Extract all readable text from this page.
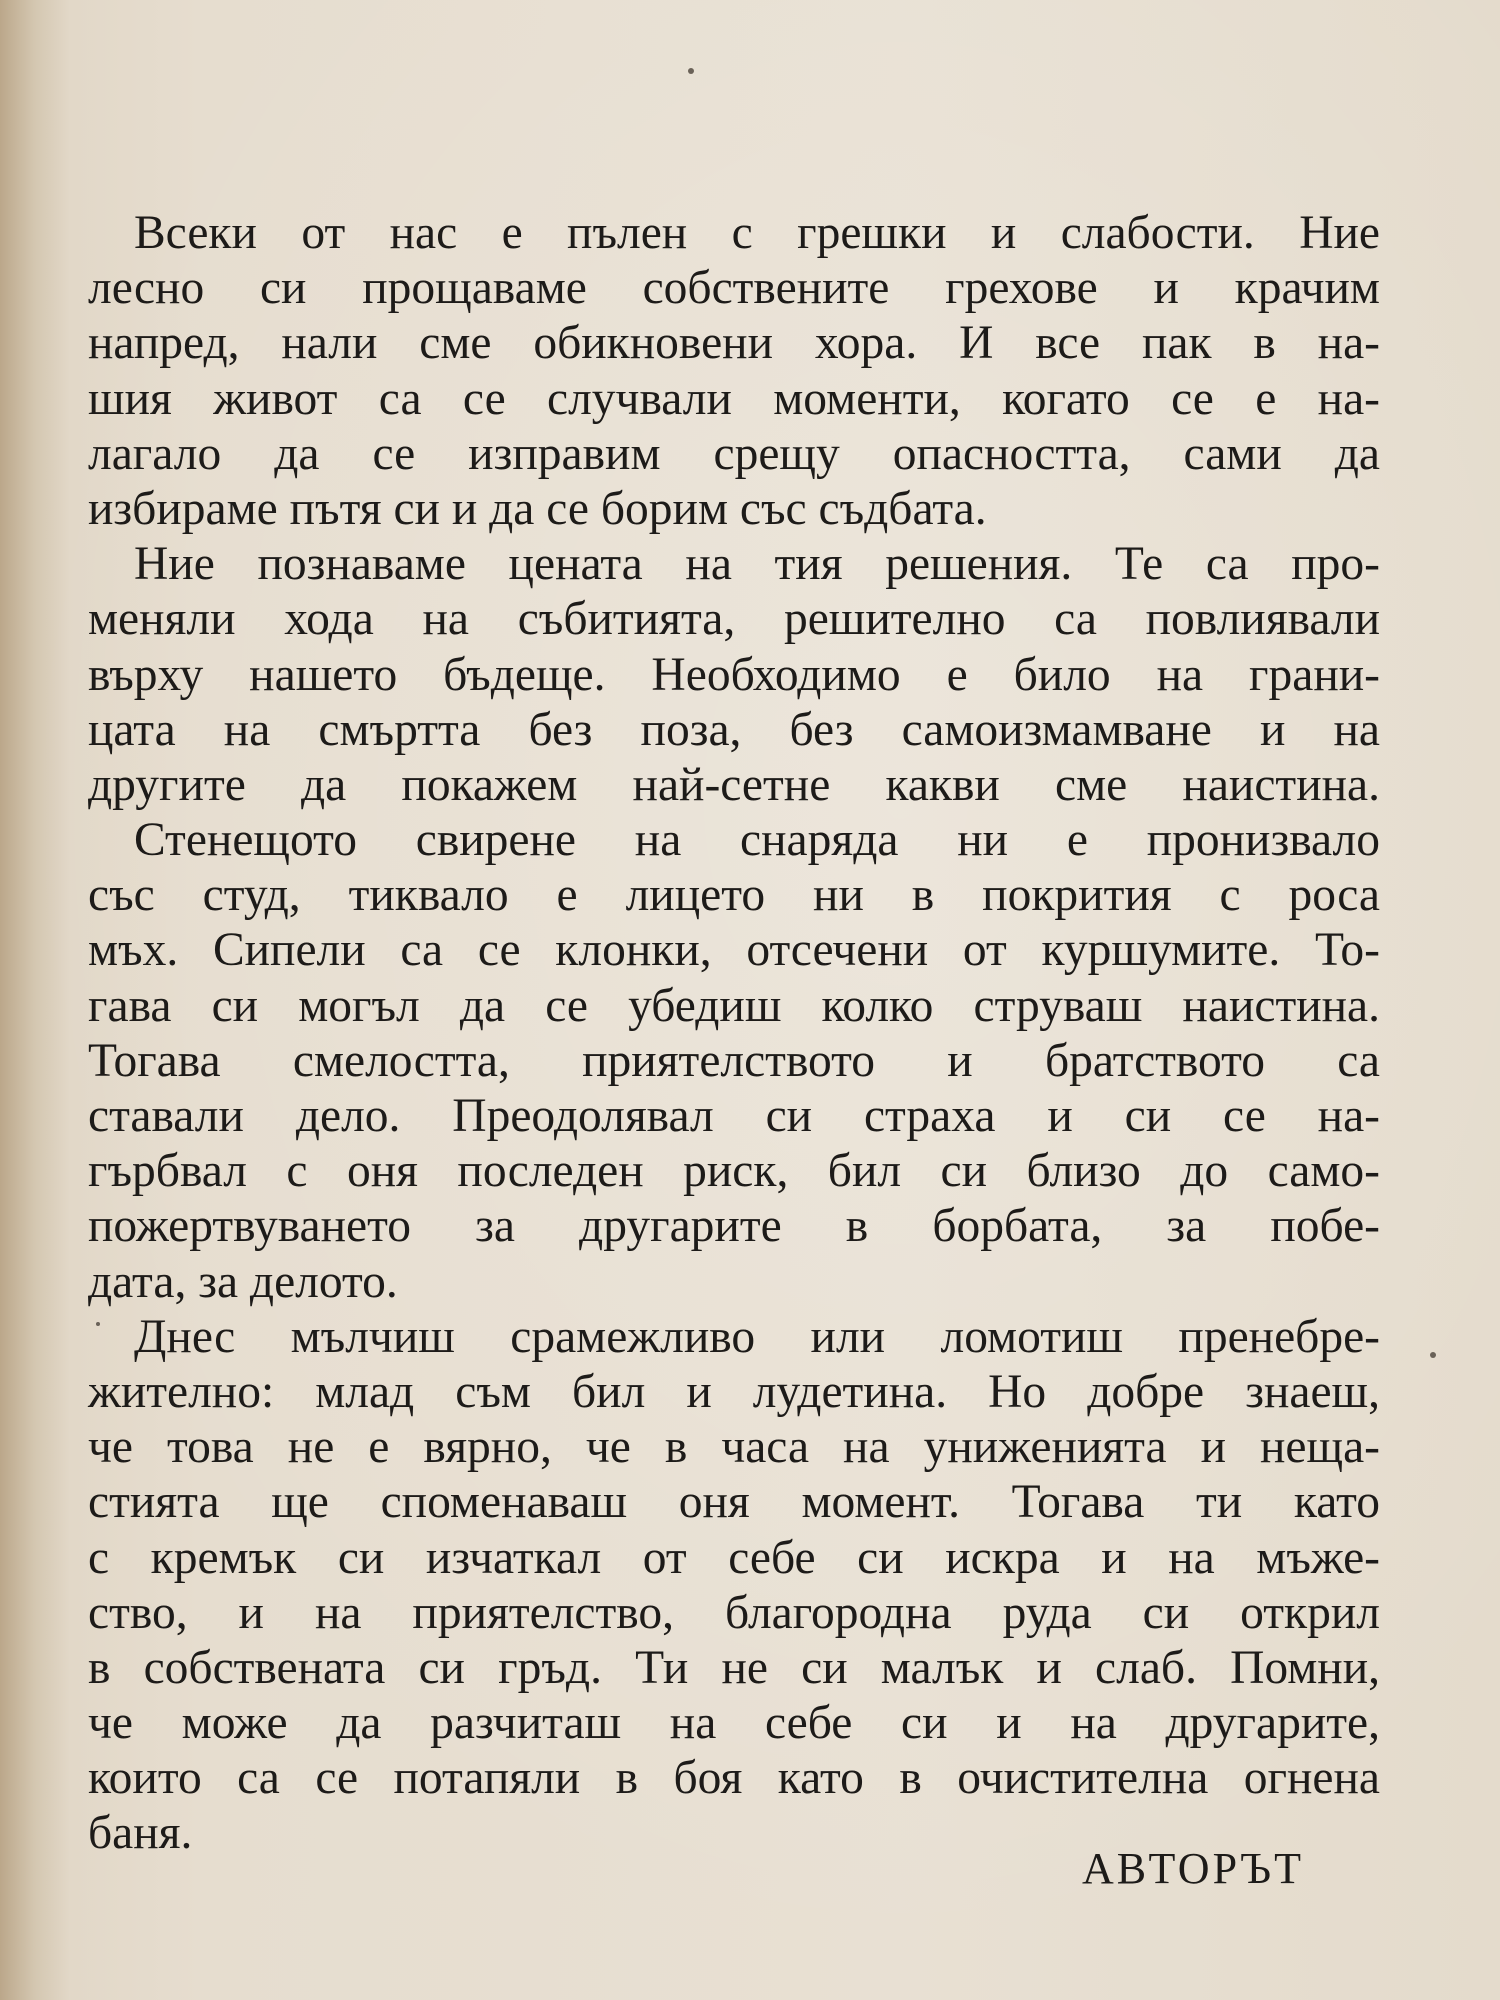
Всеки от нас е пълен с грешки и слабости. Ние
лесно си прощаваме собствените грехове и крачим
напред, нали сме обикновени хора. И все пак в на-
шия живот са се случвали моменти, когато се е на-
лагало да се изправим срещу опасността, сами да
избираме пътя си и да се борим със съдбата.
Ние познаваме цената на тия решения. Те са про-
меняли хода на събитията, решително са повлиявали
върху нашето бъдеще. Необходимо е било на грани-
цата на смъртта без поза, без самоизмамване и на
другите да покажем най-сетне какви сме наистина.
Стенещото свирене на снаряда ни е пронизвало
със студ, тиквало е лицето ни в покрития с роса
мъх. Сипели са се клонки, отсечени от куршумите. То-
гава си могъл да се убедиш колко струваш наистина.
Тогава смелостта, приятелството и братството са
ставали дело. Преодолявал си страха и си се на-
гърбвал с оня последен риск, бил си близо до само-
пожертвуването за другарите в борбата, за побе-
дата, за делото.
Днес мълчиш срамежливо или ломотиш пренебре-
жително: млад съм бил и лудетина. Но добре знаеш,
че това не е вярно, че в часа на униженията и неща-
стията ще споменаваш оня момент. Тогава ти като
с кремък си изчаткал от себе си искра и на мъже-
ство, и на приятелство, благородна руда си открил
в собствената си гръд. Ти не си малък и слаб. Помни,
че може да разчиташ на себе си и на другарите,
които са се потапяли в боя като в очистителна огнена
баня.
АВТОРЪТ
